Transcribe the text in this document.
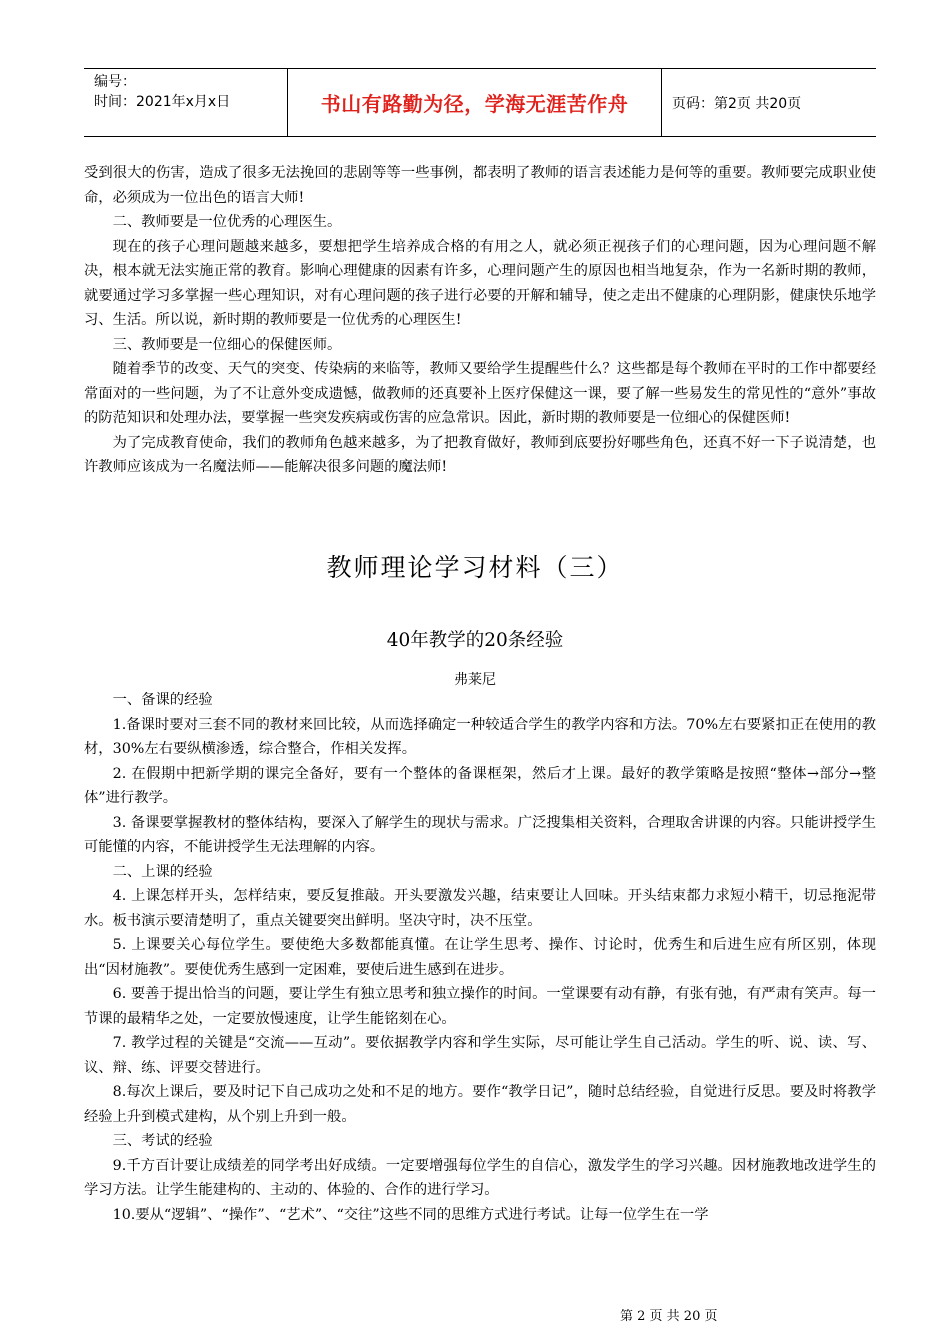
编号：
时间：2021年x月x日	书山有路勤为径，学海无涯苦作舟	页码：第2页 共20页

受到很大的伤害，造成了很多无法挽回的悲剧等等一些事例，都表明了教师的语言表述能力是何等的重要。教师要完成职业使命，必须成为一位出色的语言大师!

二、教师要是一位优秀的心理医生。

现在的孩子心理问题越来越多，要想把学生培养成合格的有用之人，就必须正视孩子们的心理问题，因为心理问题不解决，根本就无法实施正常的教育。影响心理健康的因素有许多，心理问题产生的原因也相当地复杂，作为一名新时期的教师，就要通过学习多掌握一些心理知识，对有心理问题的孩子进行必要的开解和辅导，使之走出不健康的心理阴影，健康快乐地学习、生活。所以说，新时期的教师要是一位优秀的心理医生!

三、教师要是一位细心的保健医师。

随着季节的改变、天气的突变、传染病的来临等，教师又要给学生提醒些什么？这些都是每个教师在平时的工作中都要经常面对的一些问题，为了不让意外变成遗憾，做教师的还真要补上医疗保健这一课，要了解一些易发生的常见性的“意外”事故的防范知识和处理办法，要掌握一些突发疾病或伤害的应急常识。因此，新时期的教师要是一位细心的保健医师!

为了完成教育使命，我们的教师角色越来越多，为了把教育做好，教师到底要扮好哪些角色，还真不好一下子说清楚，也许教师应该成为一名魔法师——能解决很多问题的魔法师!

教师理论学习材料（三）
40年教学的20条经验
弗莱尼

一、备课的经验

1.备课时要对三套不同的教材来回比较，从而选择确定一种较适合学生的教学内容和方法。70%左右要紧扣正在使用的教材，30%左右要纵横渗透，综合整合，作相关发挥。

2. 在假期中把新学期的课完全备好，要有一个整体的备课框架，然后才上课。最好的教学策略是按照“整体→部分→整体”进行教学。

3. 备课要掌握教材的整体结构，要深入了解学生的现状与需求。广泛搜集相关资料，合理取舍讲课的内容。只能讲授学生可能懂的内容，不能讲授学生无法理解的内容。

二、上课的经验

4. 上课怎样开头，怎样结束，要反复推敲。开头要激发兴趣，结束要让人回味。开头结束都力求短小精干，切忌拖泥带水。板书演示要清楚明了，重点关键要突出鲜明。坚决守时，决不压堂。

5. 上课要关心每位学生。要使绝大多数都能真懂。在让学生思考、操作、讨论时，优秀生和后进生应有所区别，体现出“因材施教”。要使优秀生感到一定困难，要使后进生感到在进步。

6. 要善于提出恰当的问题，要让学生有独立思考和独立操作的时间。一堂课要有动有静，有张有弛，有严肃有笑声。每一节课的最精华之处，一定要放慢速度，让学生能铭刻在心。

7. 教学过程的关键是“交流——互动”。要依据教学内容和学生实际，尽可能让学生自己活动。学生的听、说、读、写、议、辩、练、评要交替进行。

8.每次上课后，要及时记下自己成功之处和不足的地方。要作“教学日记”，随时总结经验，自觉进行反思。要及时将教学经验上升到模式建构，从个别上升到一般。

三、考试的经验

9.千方百计要让成绩差的同学考出好成绩。一定要增强每位学生的自信心，激发学生的学习兴趣。因材施教地改进学生的学习方法。让学生能建构的、主动的、体验的、合作的进行学习。

10.要从“逻辑”、“操作”、“艺术”、“交往”这些不同的思维方式进行考试。让每一位学生在一学

第 2 页 共 20 页
